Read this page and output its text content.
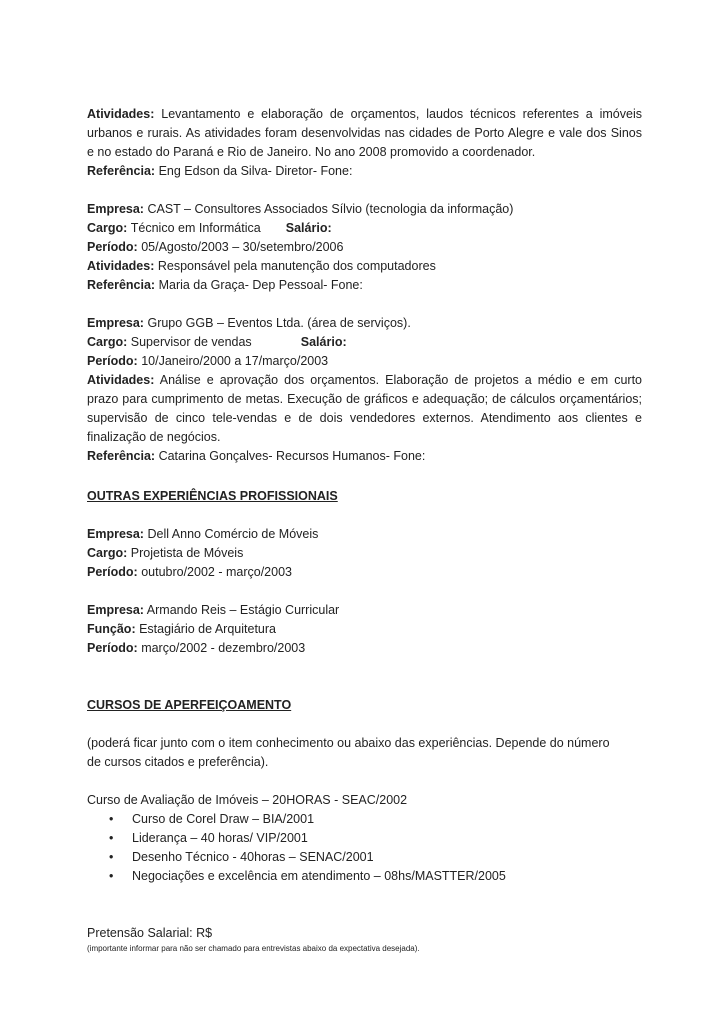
Atividades: Levantamento e elaboração de orçamentos, laudos técnicos referentes a imóveis
urbanos e rurais. As atividades foram desenvolvidas nas cidades de Porto Alegre e vale dos Sinos
e no estado do Paraná e Rio de Janeiro. No ano 2008 promovido a coordenador.
Referência: Eng Edson da Silva- Diretor- Fone:
Empresa: CAST – Consultores Associados Sílvio (tecnologia da informação)
Cargo: Técnico em Informática Salário:
Período: 05/Agosto/2003 – 30/setembro/2006
Atividades: Responsável pela manutenção dos computadores
Referência: Maria da Graça- Dep Pessoal- Fone:
Empresa: Grupo GGB – Eventos Ltda. (área de serviços).
Cargo: Supervisor de vendas	Salário:
Período: 10/Janeiro/2000 a 17/março/2003
Atividades: Análise e aprovação dos orçamentos. Elaboração de projetos a médio e em curto
prazo para cumprimento de metas. Execução de gráficos e adequação; de cálculos orçamentários;
supervisão de cinco tele-vendas e de dois vendedores externos. Atendimento aos clientes e
finalização de negócios.
Referência: Catarina Gonçalves- Recursos Humanos- Fone:
OUTRAS EXPERIÊNCIAS PROFISSIONAIS
Empresa: Dell Anno Comércio de Móveis
Cargo: Projetista de Móveis
Período: outubro/2002 - março/2003
Empresa: Armando Reis – Estágio Curricular
Função: Estagiário de Arquitetura
Período: março/2002 - dezembro/2003
CURSOS DE APERFEIÇOAMENTO
(poderá ficar junto com o item conhecimento ou abaixo das experiências. Depende do número
de cursos citados e preferência).
Curso de Avaliação de Imóveis – 20HORAS - SEAC/2002
• Curso de Corel Draw – BIA/2001
• Liderança – 40 horas/ VIP/2001
• Desenho Técnico - 40horas – SENAC/2001
• Negociações e excelência em atendimento – 08hs/MASTTER/2005
Pretensão Salarial: R$
(importante informar para não ser chamado para entrevistas abaixo da expectativa desejada).
